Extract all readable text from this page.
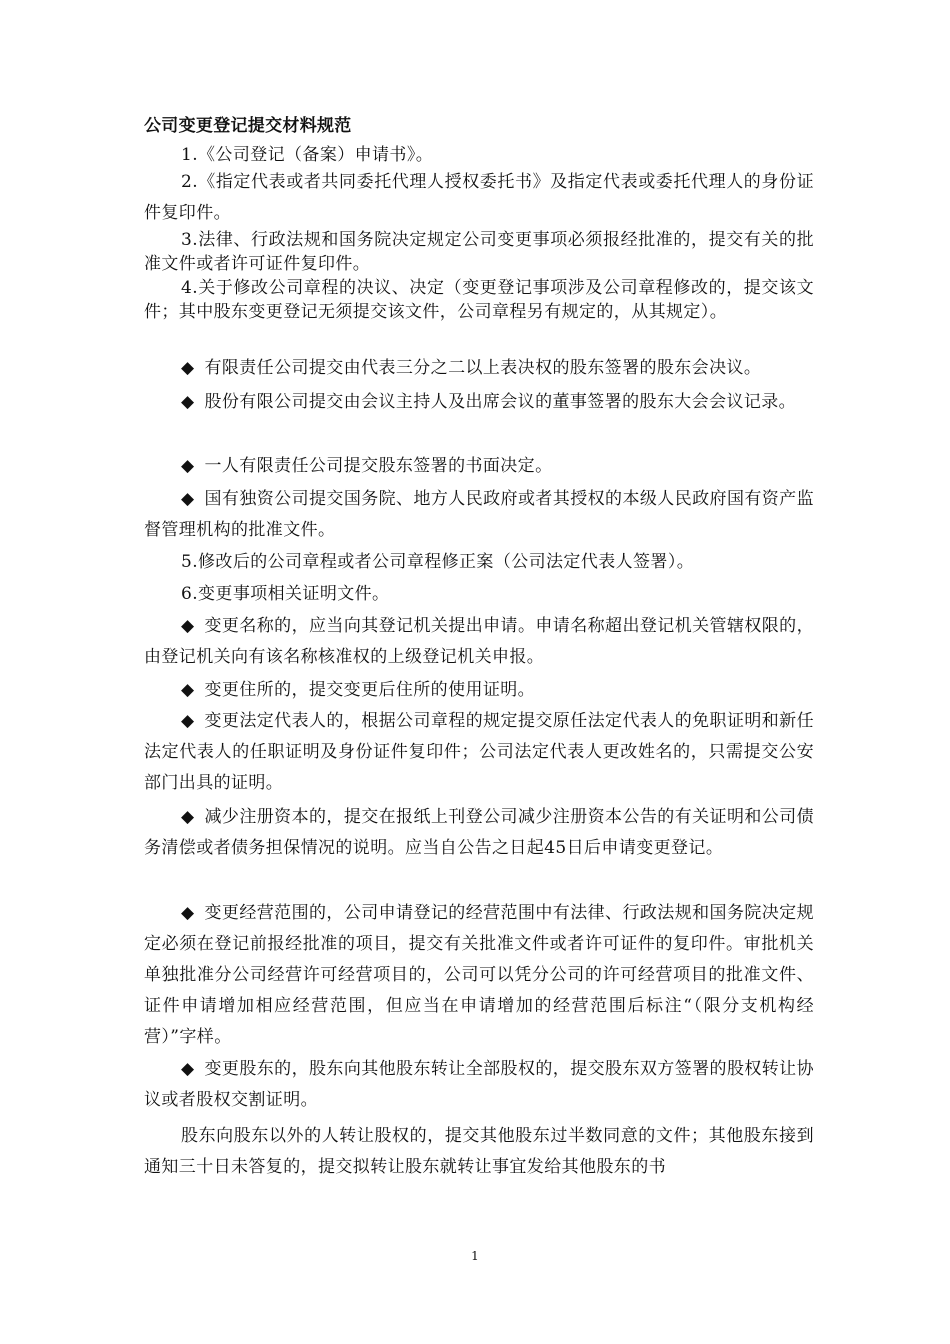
公司变更登记提交材料规范

1.《公司登记（备案）申请书》。

2.《指定代表或者共同委托代理人授权委托书》及指定代表或委托代理人的身份证件复印件。

3.法律、行政法规和国务院决定规定公司变更事项必须报经批准的，提交有关的批准文件或者许可证件复印件。

4.关于修改公司章程的决议、决定（变更登记事项涉及公司章程修改的，提交该文件；其中股东变更登记无须提交该文件，公司章程另有规定的，从其规定）。

◆ 有限责任公司提交由代表三分之二以上表决权的股东签署的股东会决议。

◆ 股份有限公司提交由会议主持人及出席会议的董事签署的股东大会会议记录。

◆ 一人有限责任公司提交股东签署的书面决定。

◆ 国有独资公司提交国务院、地方人民政府或者其授权的本级人民政府国有资产监督管理机构的批准文件。

5.修改后的公司章程或者公司章程修正案（公司法定代表人签署）。

6.变更事项相关证明文件。

◆ 变更名称的，应当向其登记机关提出申请。申请名称超出登记机关管辖权限的，由登记机关向有该名称核准权的上级登记机关申报。

◆ 变更住所的，提交变更后住所的使用证明。

◆ 变更法定代表人的，根据公司章程的规定提交原任法定代表人的免职证明和新任法定代表人的任职证明及身份证件复印件；公司法定代表人更改姓名的，只需提交公安部门出具的证明。

◆ 减少注册资本的，提交在报纸上刊登公司减少注册资本公告的有关证明和公司债务清偿或者债务担保情况的说明。应当自公告之日起45日后申请变更登记。

◆ 变更经营范围的，公司申请登记的经营范围中有法律、行政法规和国务院决定规定必须在登记前报经批准的项目，提交有关批准文件或者许可证件的复印件。审批机关单独批准分公司经营许可经营项目的，公司可以凭分公司的许可经营项目的批准文件、证件申请增加相应经营范围，但应当在申请增加的经营范围后标注“（限分支机构经营）”字样。

◆ 变更股东的，股东向其他股东转让全部股权的，提交股东双方签署的股权转让协议或者股权交割证明。

股东向股东以外的人转让股权的，提交其他股东过半数同意的文件；其他股东接到通知三十日未答复的，提交拟转让股东就转让事宜发给其他股东的书

1
